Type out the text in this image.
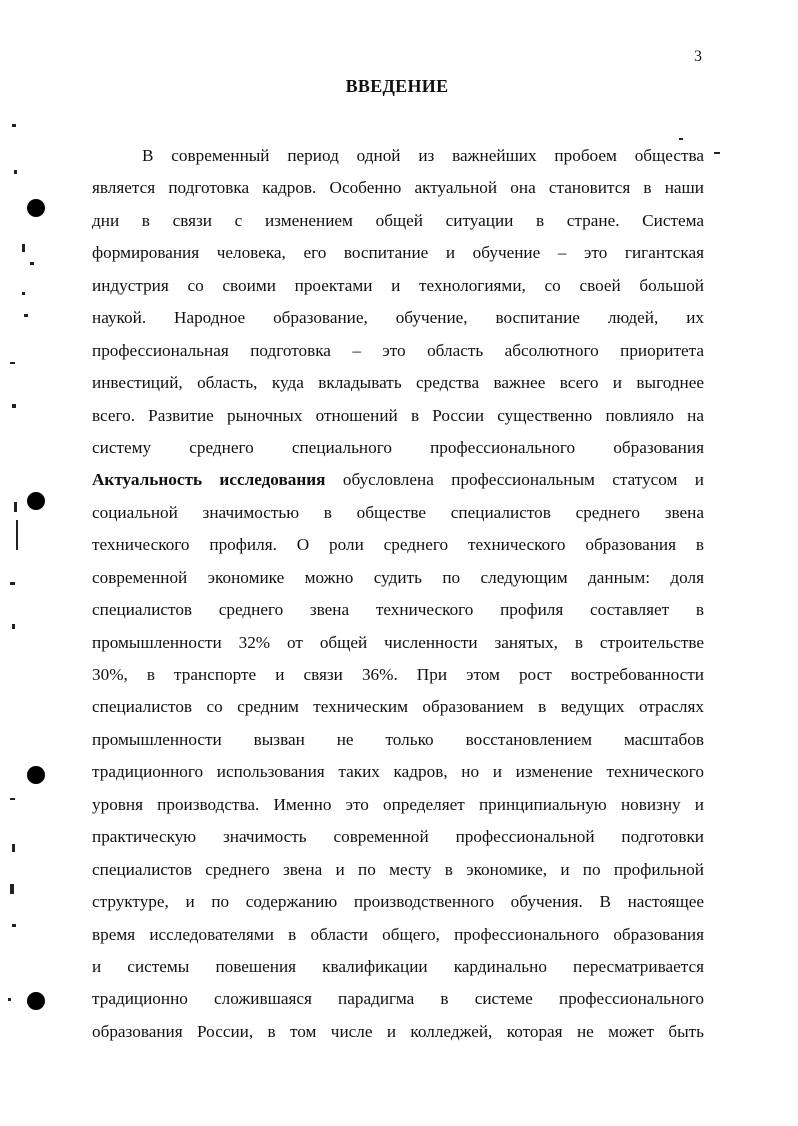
3
ВВЕДЕНИЕ
В современный период одной из важнейших пробоем общества
является подготовка кадров. Особенно актуальной она становится в наши
дни в связи с изменением общей ситуации в стране. Система
формирования человека, его воспитание и обучение – это гигантская
индустрия со своими проектами и технологиями, со своей большой
наукой. Народное образование, обучение, воспитание людей, их
профессиональная подготовка – это область абсолютного приоритета
инвестиций, область, куда вкладывать средства важнее всего и выгоднее
всего. Развитие рыночных отношений в России существенно повлияло на
систему среднего специального профессионального образования
Актуальность исследования обусловлена профессиональным статусом и
социальной значимостью в обществе специалистов среднего звена
технического профиля. О роли среднего технического образования в
современной экономике можно судить по следующим данным: доля
специалистов среднего звена технического профиля составляет в
промышленности 32% от общей численности занятых, в строительстве
30%, в транспорте и связи 36%. При этом рост востребованности
специалистов со средним техническим образованием в ведущих отраслях
промышленности вызван не только восстановлением масштабов
традиционного использования таких кадров, но и изменение технического
уровня производства. Именно это определяет принципиальную новизну и
практическую значимость современной профессиональной подготовки
специалистов среднего звена и по месту в экономике, и по профильной
структуре, и по содержанию производственного обучения. В настоящее
время исследователями в области общего, профессионального образования
и системы повешения квалификации кардинально пересматривается
традиционно сложившаяся парадигма в системе профессионального
образования России, в том числе и колледжей, которая не может быть
